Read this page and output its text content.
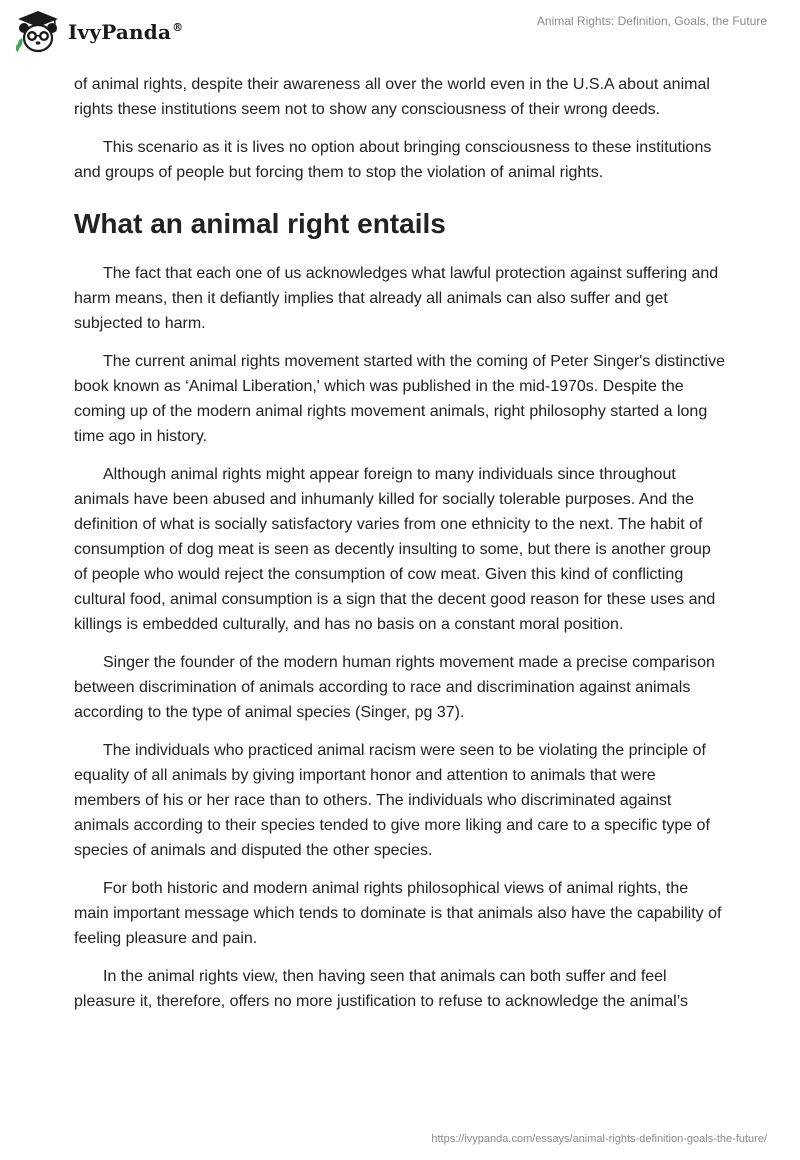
IvyPanda®	Animal Rights: Definition, Goals, the Future

of animal rights, despite their awareness all over the world even in the U.S.A about animal rights these institutions seem not to show any consciousness of their wrong deeds.

This scenario as it is lives no option about bringing consciousness to these institutions and groups of people but forcing them to stop the violation of animal rights.

What an animal right entails

The fact that each one of us acknowledges what lawful protection against suffering and harm means, then it defiantly implies that already all animals can also suffer and get subjected to harm.

The current animal rights movement started with the coming of Peter Singer's distinctive book known as ‘Animal Liberation,' which was published in the mid-1970s. Despite the coming up of the modern animal rights movement animals, right philosophy started a long time ago in history.

Although animal rights might appear foreign to many individuals since throughout animals have been abused and inhumanly killed for socially tolerable purposes. And the definition of what is socially satisfactory varies from one ethnicity to the next. The habit of consumption of dog meat is seen as decently insulting to some, but there is another group of people who would reject the consumption of cow meat. Given this kind of conflicting cultural food, animal consumption is a sign that the decent good reason for these uses and killings is embedded culturally, and has no basis on a constant moral position.

Singer the founder of the modern human rights movement made a precise comparison between discrimination of animals according to race and discrimination against animals according to the type of animal species (Singer, pg 37).

The individuals who practiced animal racism were seen to be violating the principle of equality of all animals by giving important honor and attention to animals that were members of his or her race than to others. The individuals who discriminated against animals according to their species tended to give more liking and care to a specific type of species of animals and disputed the other species.

For both historic and modern animal rights philosophical views of animal rights, the main important message which tends to dominate is that animals also have the capability of feeling pleasure and pain.

In the animal rights view, then having seen that animals can both suffer and feel pleasure it, therefore, offers no more justification to refuse to acknowledge the animal’s

https://ivypanda.com/essays/animal-rights-definition-goals-the-future/
